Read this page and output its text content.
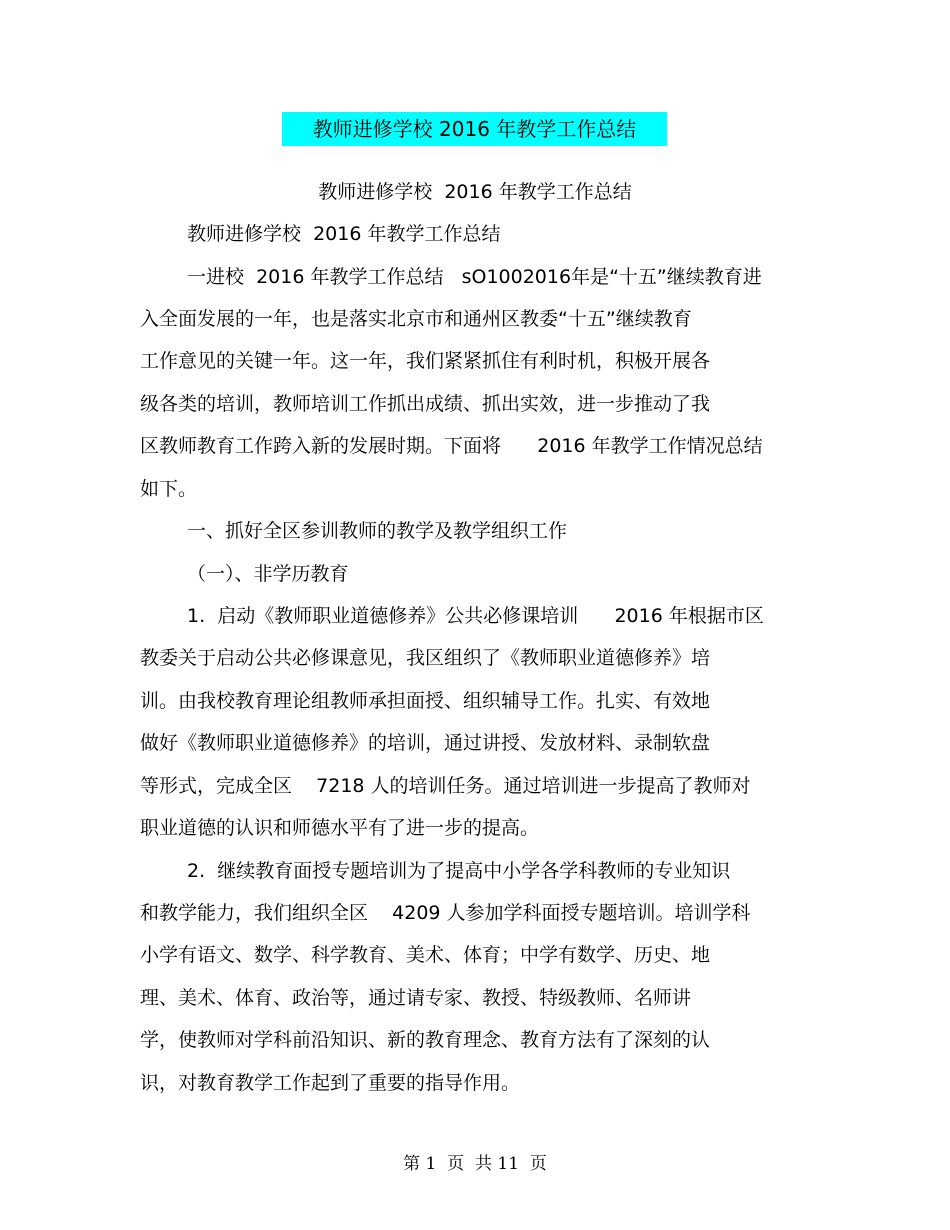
教师进修学校 2016 年教学工作总结
教师进修学校  2016 年教学工作总结
教师进修学校  2016 年教学工作总结
一进校  2016 年教学工作总结   sO1002016年是“十五”继续教育进
入全面发展的一年，也是落实北京市和通州区教委“十五”继续教育
工作意见的关键一年。这一年，我们紧紧抓住有利时机，积极开展各
级各类的培训，教师培训工作抓出成绩、抓出实效，进一步推动了我
区教师教育工作跨入新的发展时期。下面将      2016 年教学工作情况总结
如下。
一、抓好全区参训教师的教学及教学组织工作
（一）、非学历教育
1.  启动《教师职业道德修养》公共必修课培训      2016 年根据市区
教委关于启动公共必修课意见，我区组织了《教师职业道德修养》培
训。由我校教育理论组教师承担面授、组织辅导工作。扎实、有效地
做好《教师职业道德修养》的培训，通过讲授、发放材料、录制软盘
等形式，完成全区    7218 人的培训任务。通过培训进一步提高了教师对
职业道德的认识和师德水平有了进一步的提高。
2.  继续教育面授专题培训为了提高中小学各学科教师的专业知识
和教学能力，我们组织全区    4209 人参加学科面授专题培训。培训学科
小学有语文、数学、科学教育、美术、体育；中学有数学、历史、地
理、美术、体育、政治等，通过请专家、教授、特级教师、名师讲
学，使教师对学科前沿知识、新的教育理念、教育方法有了深刻的认
识，对教育教学工作起到了重要的指导作用。
第 1  页  共 11  页
